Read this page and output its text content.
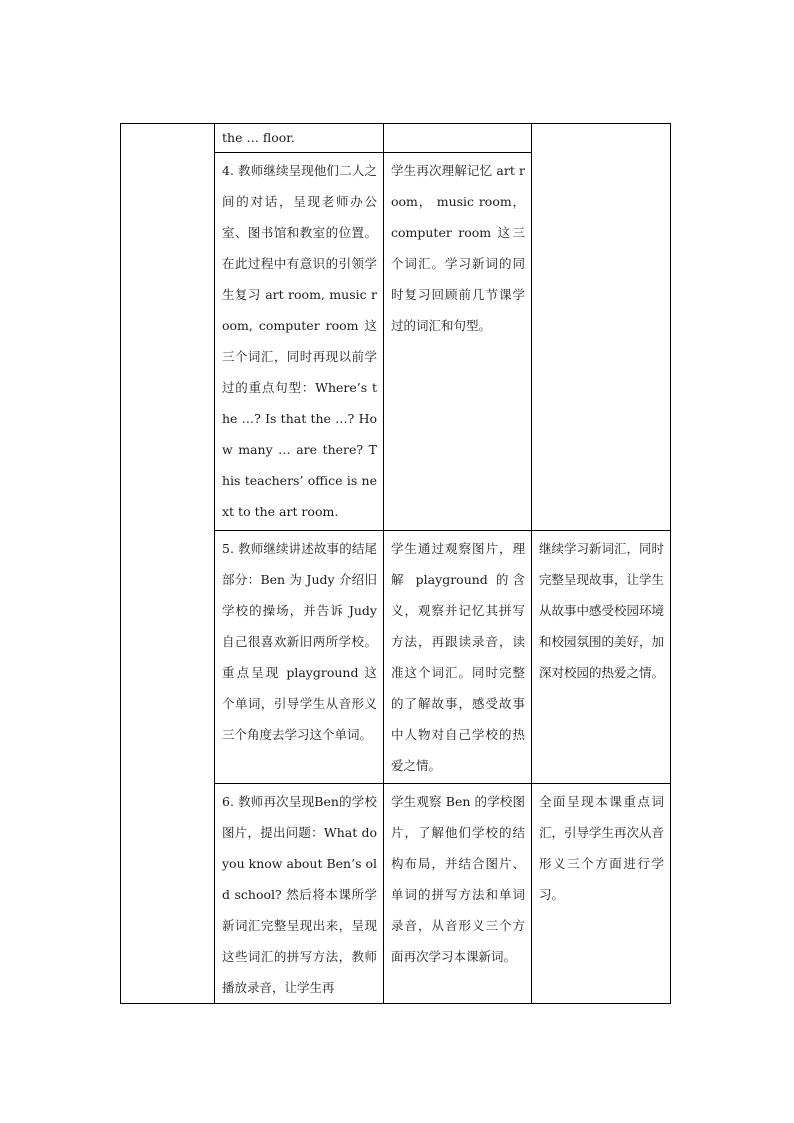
	the … floor.		

	4. 教师继续呈现他们二人之间的对话，呈现老师办公室、图书馆和教室的位置。在此过程中有意识的引领学生复习 art room, music room, computer room 这三个词汇，同时再现以前学过的重点句型：Where’s the …? Is that the …? How many … are there? This teachers’ office is next to the art room.	学生再次理解记忆 art room， music room， computer room 这三个词汇。学习新词的同时复习回顾前几节课学过的词汇和句型。	

	5. 教师继续讲述故事的结尾部分：Ben 为 Judy 介绍旧学校的操场，并告诉 Judy 自己很喜欢新旧两所学校。重点呈现 playground 这个单词，引导学生从音形义三个角度去学习这个单词。	学生通过观察图片，理解 playground 的含义，观察并记忆其拼写方法，再跟读录音，读准这个词汇。同时完整的了解故事，感受故事中人物对自己学校的热爱之情。	继续学习新词汇，同时完整呈现故事，让学生从故事中感受校园环境和校园氛围的美好，加深对校园的热爱之情。

	6. 教师再次呈现Ben的学校图片，提出问题：What do you know about Ben’s old school? 然后将本课所学新词汇完整呈现出来，呈现这些词汇的拼写方法，教师播放录音，让学生再	学生观察 Ben 的学校图片，了解他们学校的结构布局，并结合图片、单词的拼写方法和单词录音，从音形义三个方面再次学习本课新词。	全面呈现本课重点词汇，引导学生再次从音形义三个方面进行学习。
